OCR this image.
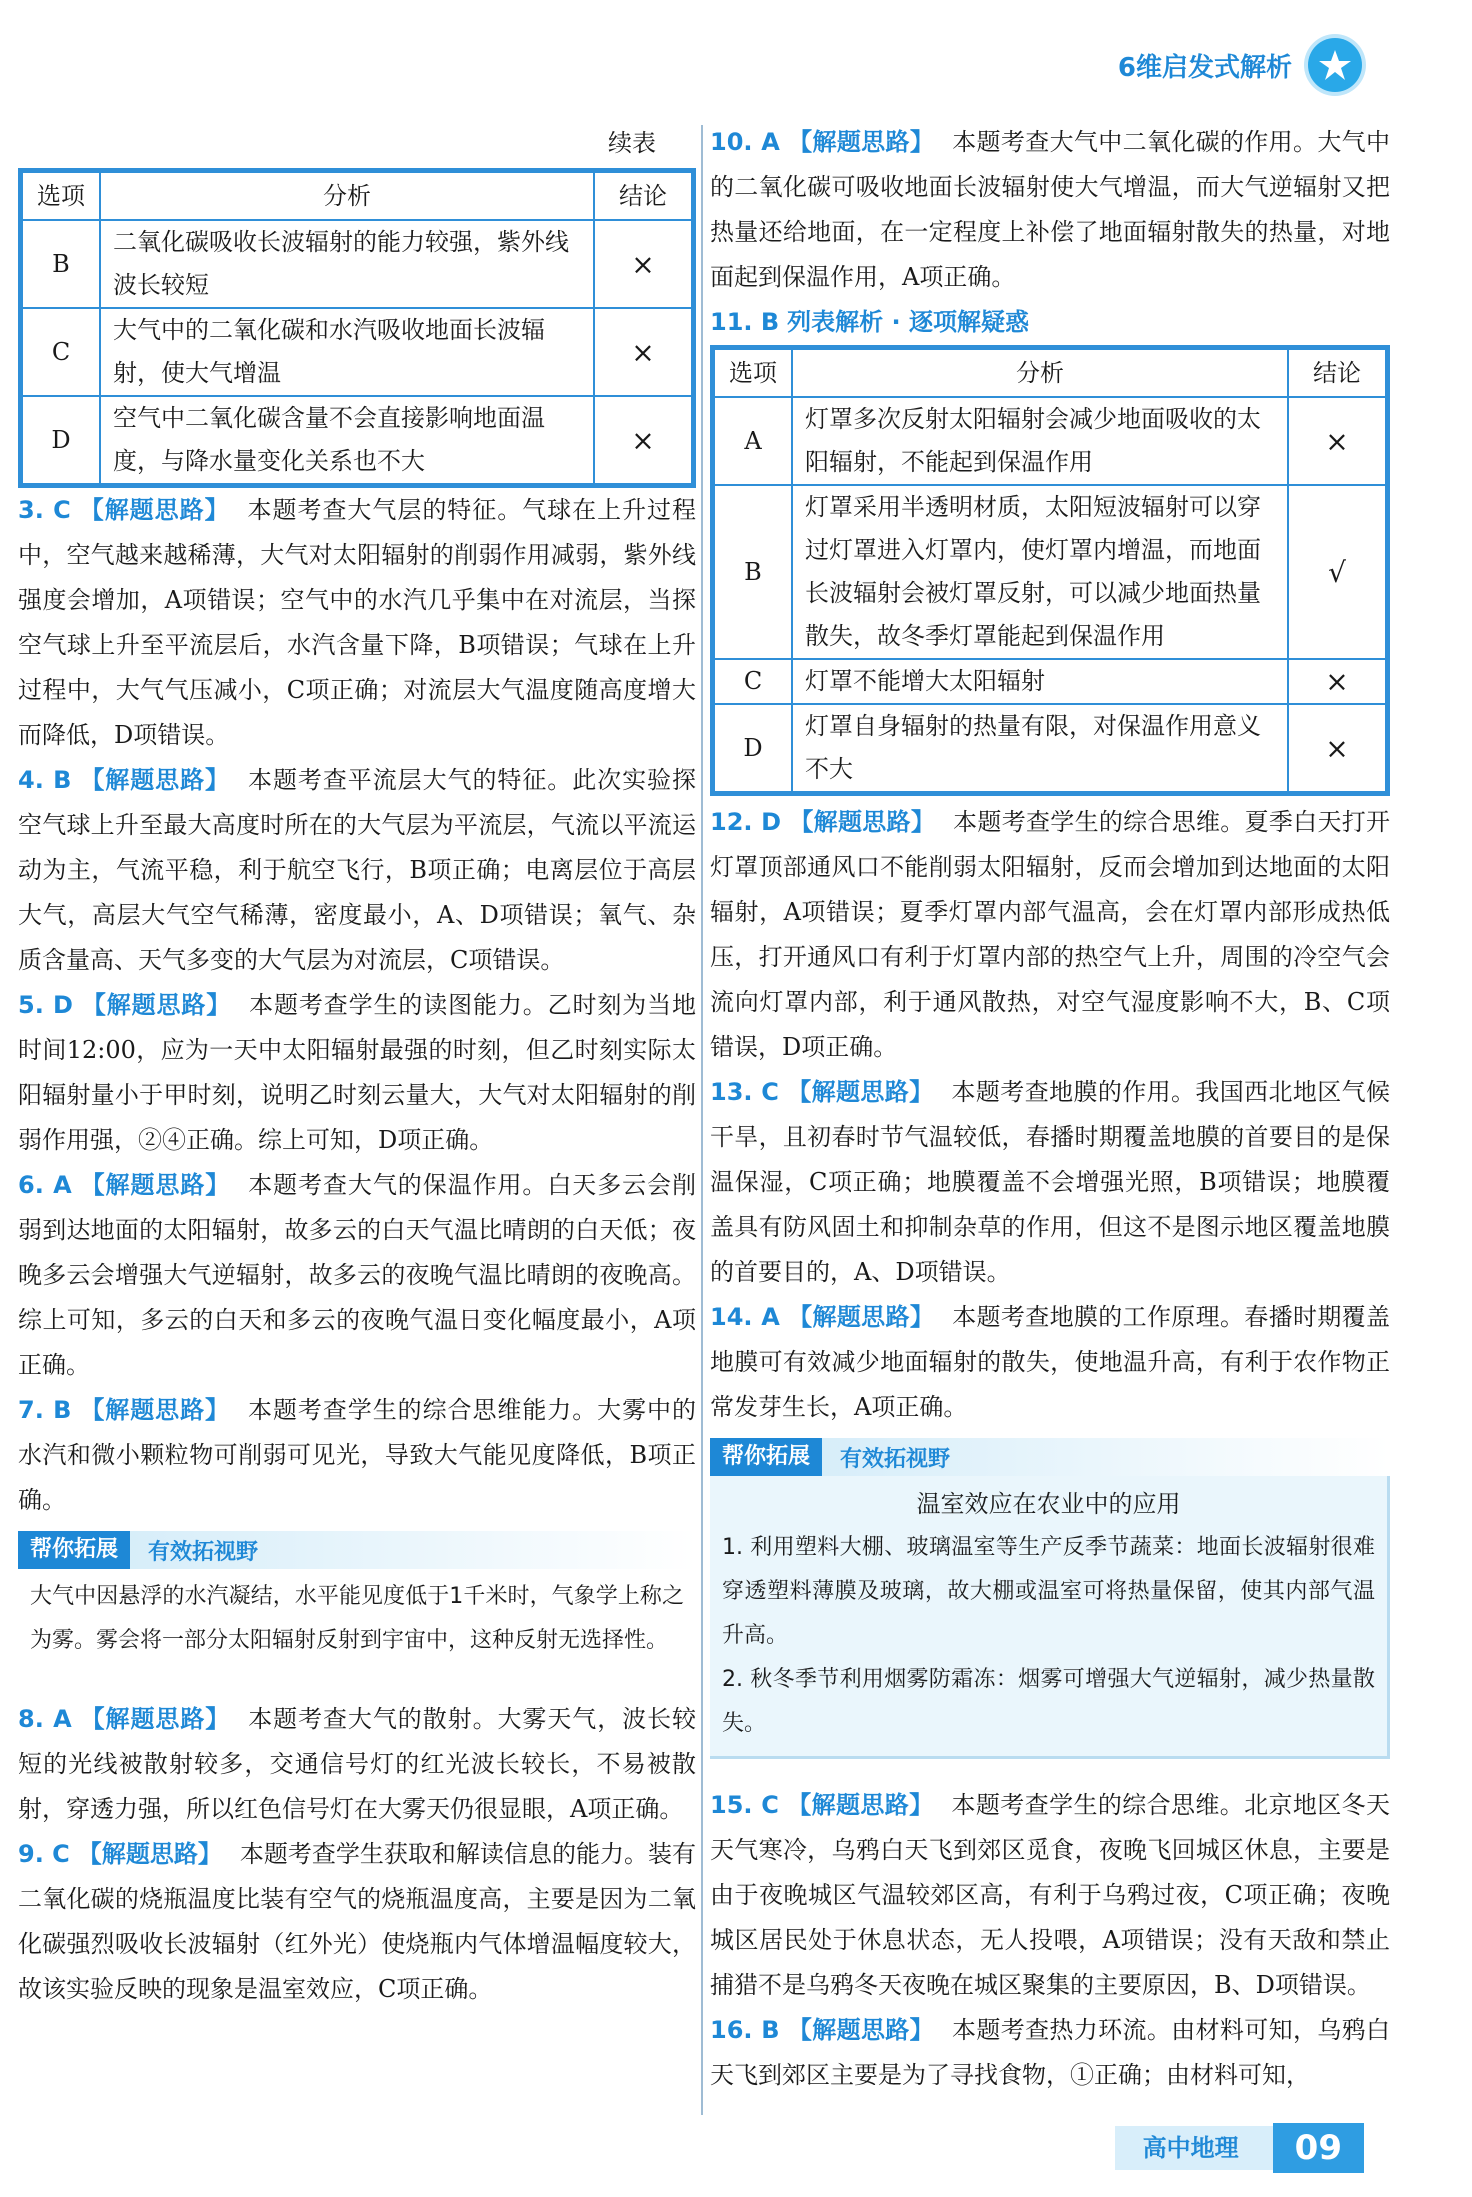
6维启发式解析
续表
选项	分析	结论
B	二氧化碳吸收长波辐射的能力较强，紫外线波长较短	×
C	大气中的二氧化碳和水汽吸收地面长波辐射，使大气增温	×
D	空气中二氧化碳含量不会直接影响地面温度，与降水量变化关系也不大	×

3. C 【解题思路】 本题考查大气层的特征。气球在上升过程中，空气越来越稀薄，大气对太阳辐射的削弱作用减弱，紫外线强度会增加，A项错误；空气中的水汽几乎集中在对流层，当探空气球上升至平流层后，水汽含量下降，B项错误；气球在上升过程中，大气气压减小，C项正确；对流层大气温度随高度增大而降低，D项错误。

4. B 【解题思路】 本题考查平流层大气的特征。此次实验探空气球上升至最大高度时所在的大气层为平流层，气流以平流运动为主，气流平稳，利于航空飞行，B项正确；电离层位于高层大气，高层大气空气稀薄，密度最小，A、D项错误；氧气、杂质含量高、天气多变的大气层为对流层，C项错误。

5. D 【解题思路】 本题考查学生的读图能力。乙时刻为当地时间12:00，应为一天中太阳辐射最强的时刻，但乙时刻实际太阳辐射量小于甲时刻，说明乙时刻云量大，大气对太阳辐射的削弱作用强，②④正确。综上可知，D项正确。

6. A 【解题思路】 本题考查大气的保温作用。白天多云会削弱到达地面的太阳辐射，故多云的白天气温比晴朗的白天低；夜晚多云会增强大气逆辐射，故多云的夜晚气温比晴朗的夜晚高。综上可知，多云的白天和多云的夜晚气温日变化幅度最小，A项正确。

7. B 【解题思路】 本题考查学生的综合思维能力。大雾中的水汽和微小颗粒物可削弱可见光，导致大气能见度降低，B项正确。

帮你拓展	有效拓视野
大气中因悬浮的水汽凝结，水平能见度低于1千米时，气象学上称之为雾。雾会将一部分太阳辐射反射到宇宙中，这种反射无选择性。

8. A 【解题思路】 本题考查大气的散射。大雾天气，波长较短的光线被散射较多，交通信号灯的红光波长较长，不易被散射，穿透力强，所以红色信号灯在大雾天仍很显眼，A项正确。

9. C 【解题思路】 本题考查学生获取和解读信息的能力。装有二氧化碳的烧瓶温度比装有空气的烧瓶温度高，主要是因为二氧化碳强烈吸收长波辐射（红外光）使烧瓶内气体增温幅度较大，故该实验反映的现象是温室效应，C项正确。

10. A 【解题思路】 本题考查大气中二氧化碳的作用。大气中的二氧化碳可吸收地面长波辐射使大气增温，而大气逆辐射又把热量还给地面，在一定程度上补偿了地面辐射散失的热量，对地面起到保温作用，A项正确。

11. B 列表解析 · 逐项解疑惑

选项	分析	结论
A	灯罩多次反射太阳辐射会减少地面吸收的太阳辐射，不能起到保温作用	×
B	灯罩采用半透明材质，太阳短波辐射可以穿过灯罩进入灯罩内，使灯罩内增温，而地面长波辐射会被灯罩反射，可以减少地面热量散失，故冬季灯罩能起到保温作用	√
C	灯罩不能增大太阳辐射	×
D	灯罩自身辐射的热量有限，对保温作用意义不大	×

12. D 【解题思路】 本题考查学生的综合思维。夏季白天打开灯罩顶部通风口不能削弱太阳辐射，反而会增加到达地面的太阳辐射，A项错误；夏季灯罩内部气温高，会在灯罩内部形成热低压，打开通风口有利于灯罩内部的热空气上升，周围的冷空气会流向灯罩内部，利于通风散热，对空气湿度影响不大，B、C项错误，D项正确。

13. C 【解题思路】 本题考查地膜的作用。我国西北地区气候干旱，且初春时节气温较低，春播时期覆盖地膜的首要目的是保温保湿，C项正确；地膜覆盖不会增强光照，B项错误；地膜覆盖具有防风固土和抑制杂草的作用，但这不是图示地区覆盖地膜的首要目的，A、D项错误。

14. A 【解题思路】 本题考查地膜的工作原理。春播时期覆盖地膜可有效减少地面辐射的散失，使地温升高，有利于农作物正常发芽生长，A项正确。

帮你拓展	有效拓视野
温室效应在农业中的应用
1. 利用塑料大棚、玻璃温室等生产反季节蔬菜：地面长波辐射很难穿透塑料薄膜及玻璃，故大棚或温室可将热量保留，使其内部气温升高。
2. 秋冬季节利用烟雾防霜冻：烟雾可增强大气逆辐射，减少热量散失。

15. C 【解题思路】 本题考查学生的综合思维。北京地区冬天天气寒冷，乌鸦白天飞到郊区觅食，夜晚飞回城区休息，主要是由于夜晚城区气温较郊区高，有利于乌鸦过夜，C项正确；夜晚城区居民处于休息状态，无人投喂，A项错误；没有天敌和禁止捕猎不是乌鸦冬天夜晚在城区聚集的主要原因，B、D项错误。

16. B 【解题思路】 本题考查热力环流。由材料可知，乌鸦白天飞到郊区主要是为了寻找食物，①正确；由材料可知，

高中地理	09
